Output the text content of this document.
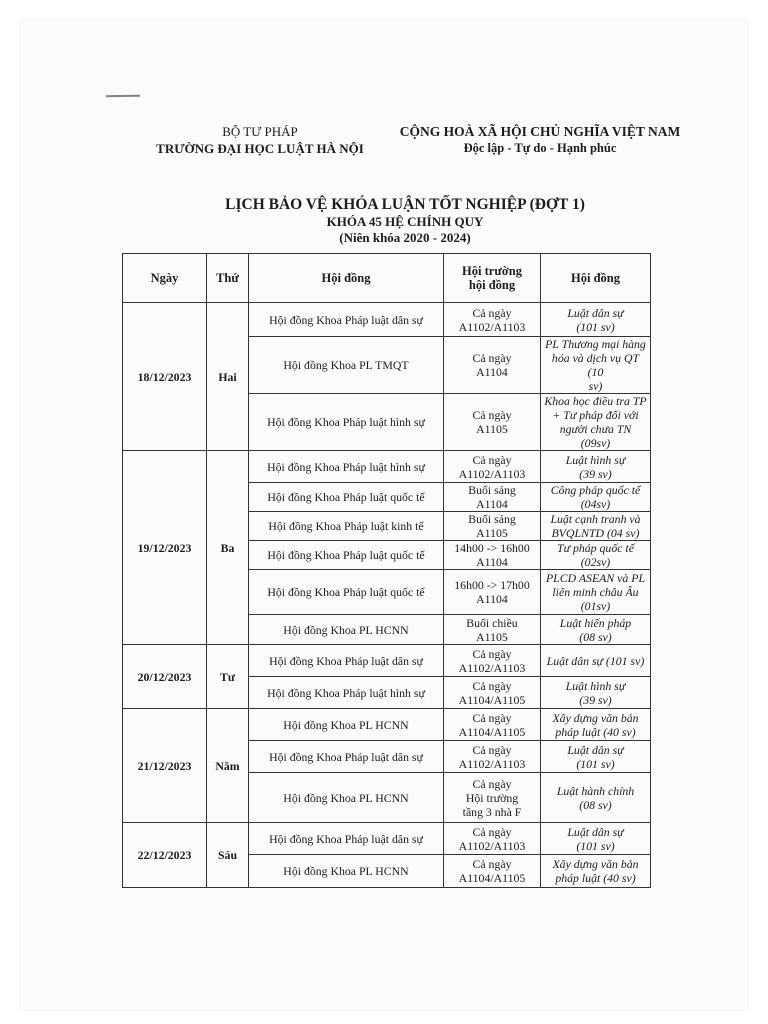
BỘ TƯ PHÁP
TRƯỜNG ĐẠI HỌC LUẬT HÀ NỘI
CỘNG HOÀ XÃ HỘI CHỦ NGHĨA VIỆT NAM
Độc lập - Tự do - Hạnh phúc
LỊCH BẢO VỆ KHÓA LUẬN TỐT NGHIỆP (ĐỢT 1)
KHÓA 45 HỆ CHÍNH QUY
(Niên khóa 2020 - 2024)
Ngày	Thứ	Hội đồng	Hội trường
hội đồng	Hội đồng
18/12/2023	Hai	Hội đồng Khoa Pháp luật dân sự	Cả ngày
A1102/A1103	Luật dân sự
(101 sv)

		Hội đồng Khoa PL TMQT	Cả ngày
A1104	PL Thương mại hàng
hóa và dịch vụ QT (10
sv)

		Hội đồng Khoa Pháp luật hình sự	Cả ngày
A1105	Khoa học điều tra TP
+ Tư pháp đối với
người chưa TN (09sv)

19/12/2023	Ba	Hội đồng Khoa Pháp luật hình sự	Cả ngày
A1102/A1103	Luật hình sự
(39 sv)

		Hội đồng Khoa Pháp luật quốc tế	Buổi sáng
A1104	Công pháp quốc tế
(04sv)

		Hội đồng Khoa Pháp luật kinh tế	Buổi sáng
A1105	Luật cạnh tranh và
BVQLNTD (04 sv)

		Hội đồng Khoa Pháp luật quốc tế	14h00 -> 16h00
A1104	Tư pháp quốc tế
(02sv)

		Hội đồng Khoa Pháp luật quốc tế	16h00 -> 17h00
A1104	PLCD ASEAN và PL
liên minh châu Âu
(01sv)

		Hội đồng Khoa PL HCNN	Buổi chiều
A1105	Luật hiến pháp
(08 sv)

20/12/2023	Tư	Hội đồng Khoa Pháp luật dân sự	Cả ngày
A1102/A1103	Luật dân sự (101 sv)

		Hội đồng Khoa Pháp luật hình sự	Cả ngày
A1104/A1105	Luật hình sự
(39 sv)

21/12/2023	Năm	Hội đồng Khoa PL HCNN	Cả ngày
A1104/A1105	Xây dựng văn bản
pháp luật (40 sv)

		Hội đồng Khoa Pháp luật dân sự	Cả ngày
A1102/A1103	Luật dân sự
(101 sv)

		Hội đồng Khoa PL HCNN	Cả ngày
Hội trường
tầng 3 nhà F	Luật hành chính
(08 sv)

22/12/2023	Sáu	Hội đồng Khoa Pháp luật dân sự	Cả ngày
A1102/A1103	Luật dân sự
(101 sv)

		Hội đồng Khoa PL HCNN	Cả ngày
A1104/A1105	Xây dựng văn bản
pháp luật (40 sv)
